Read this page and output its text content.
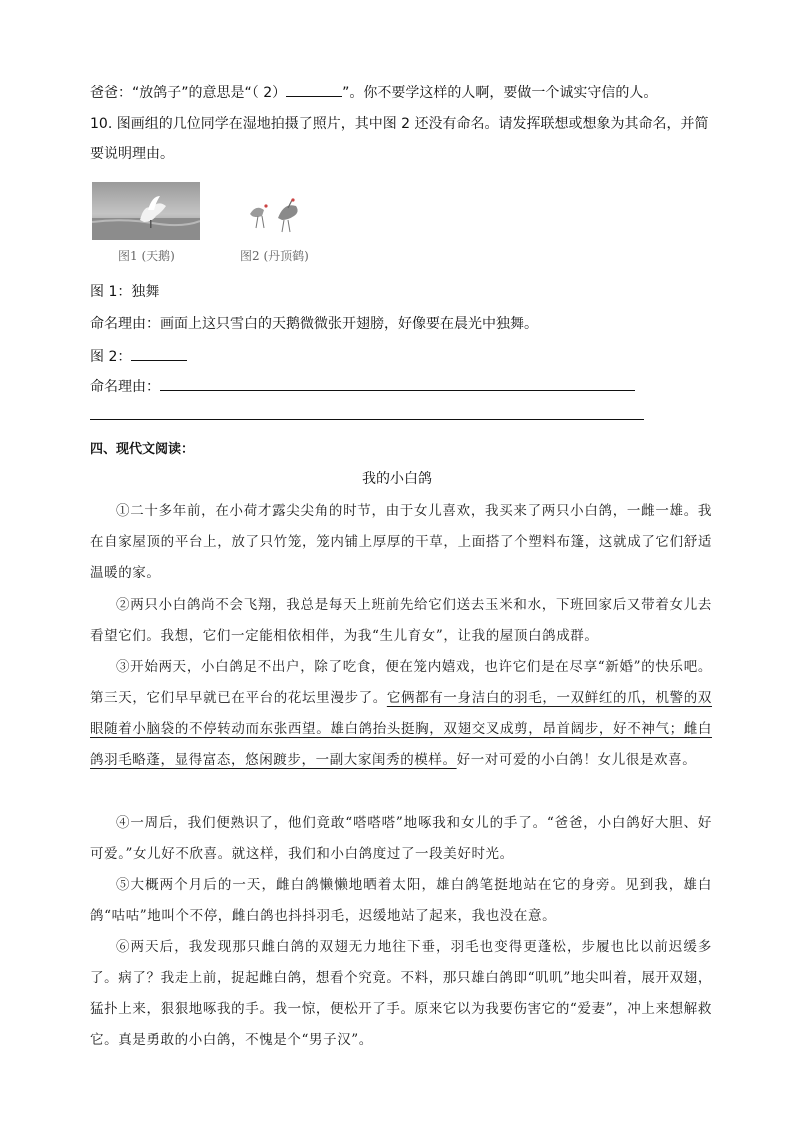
爸爸：“放鸽子”的意思是“（ 2）	”。你不要学这样的人啊，要做一个诚实守信的人。
10. 图画组的几位同学在湿地拍摄了照片，其中图 2 还没有命名。请发挥联想或想象为其命名，并简
要说明理由。
图1 (天鹅)	图2 (丹顶鹤)
图 1：独舞
命名理由：画面上这只雪白的天鹅微微张开翅膀，好像要在晨光中独舞。
图 2：
命名理由：
四、现代文阅读：
我的小白鸽
①二十多年前，在小荷才露尖尖角的时节，由于女儿喜欢，我买来了两只小白鸽，一雌一雄。我在自家屋顶的平台上，放了只竹笼，笼内铺上厚厚的干草，上面搭了个塑料布篷，这就成了它们舒适温暖的家。
②两只小白鸽尚不会飞翔，我总是每天上班前先给它们送去玉米和水，下班回家后又带着女儿去看望它们。我想，它们一定能相依相伴，为我“生儿育女”，让我的屋顶白鸽成群。
③开始两天，小白鸽足不出户，除了吃食，便在笼内嬉戏，也许它们是在尽享“新婚”的快乐吧。第三天，它们早早就已在平台的花坛里漫步了。它俩都有一身洁白的羽毛，一双鲜红的爪，机警的双眼随着小脑袋的不停转动而东张西望。雄白鸽抬头挺胸，双翅交叉成剪，昂首阔步，好不神气；雌白鸽羽毛略蓬，显得富态，悠闲踱步，一副大家闺秀的模样。好一对可爱的小白鸽！女儿很是欢喜。
④一周后，我们便熟识了，他们竟敢“嗒嗒嗒”地啄我和女儿的手了。“爸爸，小白鸽好大胆、好可爱。”女儿好不欣喜。就这样，我们和小白鸽度过了一段美好时光。
⑤大概两个月后的一天，雌白鸽懒懒地晒着太阳，雄白鸽笔挺地站在它的身旁。见到我，雄白鸽“咕咕”地叫个不停，雌白鸽也抖抖羽毛，迟缓地站了起来，我也没在意。
⑥两天后，我发现那只雌白鸽的双翅无力地往下垂，羽毛也变得更蓬松，步履也比以前迟缓多了。病了？我走上前，捉起雌白鸽，想看个究竟。不料，那只雄白鸽即“叽叽”地尖叫着，展开双翅，猛扑上来，狠狠地啄我的手。我一惊，便松开了手。原来它以为我要伤害它的“爱妻”，冲上来想解救它。真是勇敢的小白鸽，不愧是个“男子汉”。
